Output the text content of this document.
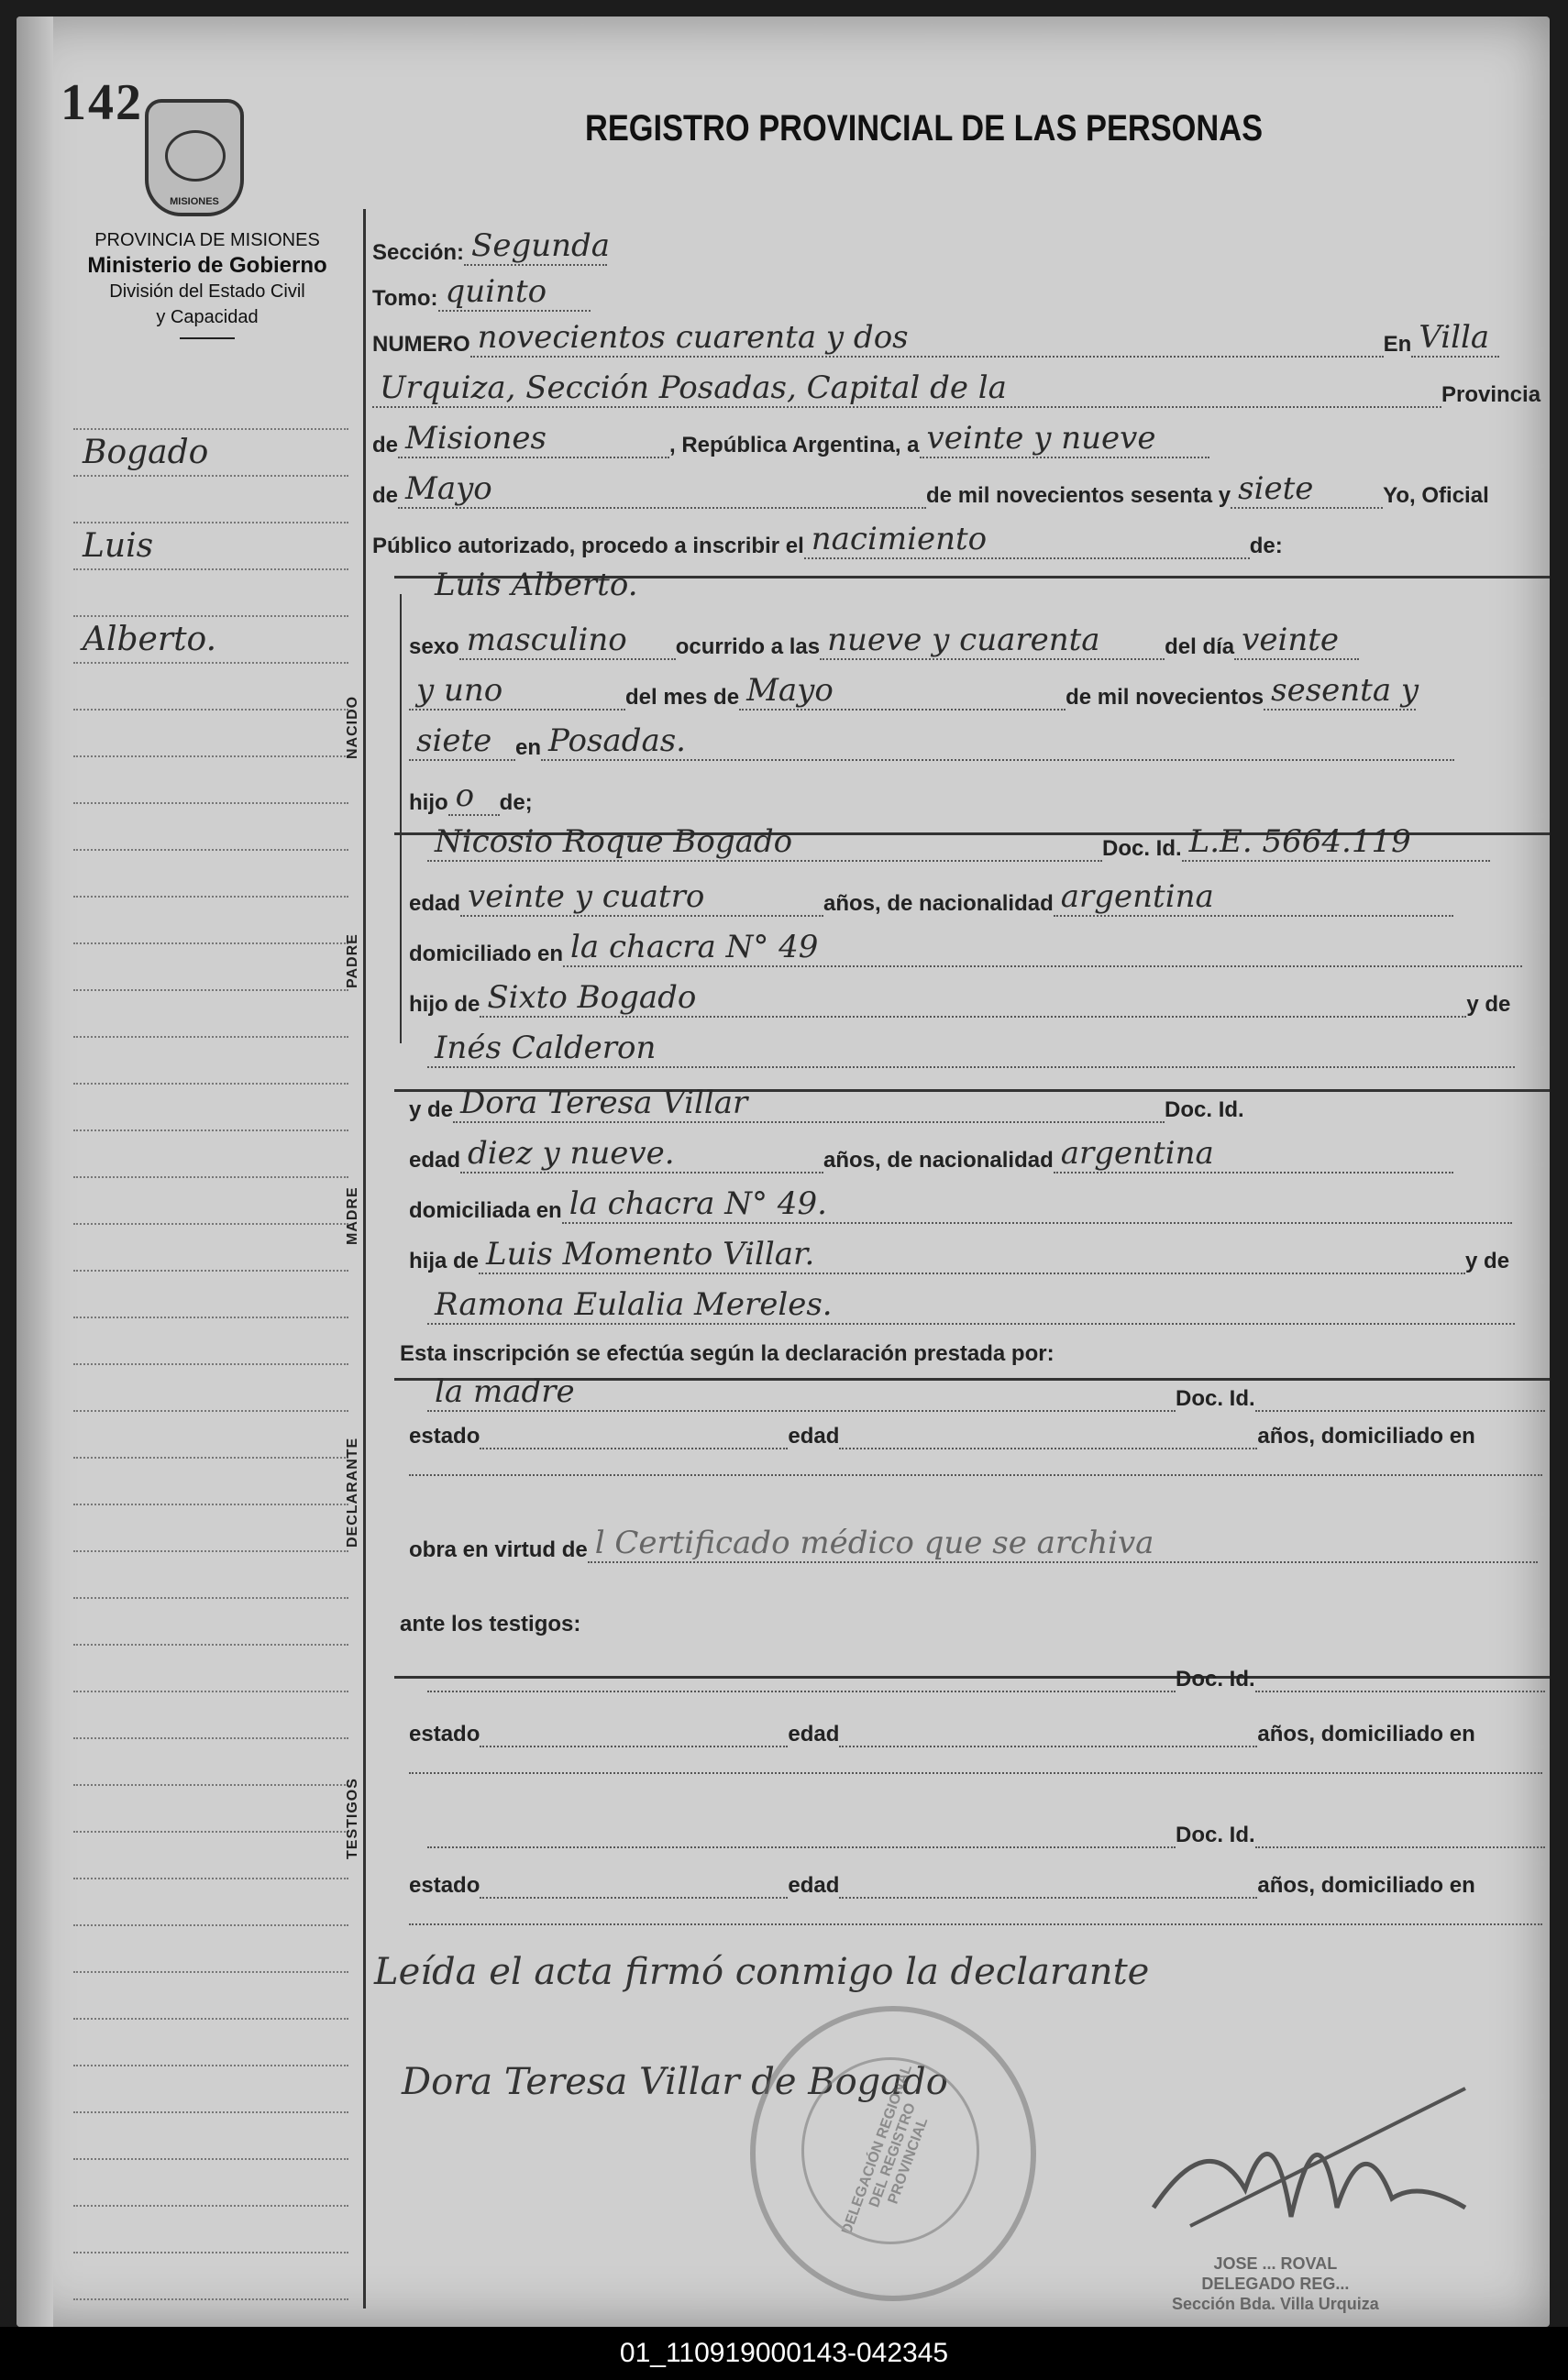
142
MISIONES
REGISTRO PROVINCIAL DE LAS PERSONAS
PROVINCIA DE MISIONES
Ministerio de Gobierno
División del Estado Civil
y Capacidad
Bogado
Luis
Alberto.
Sección: Segunda
Tomo: quinto
NUMERO novecientos cuarenta y dos	En Villa
Urquiza, Sección Posadas, Capital de la	Provincia
de Misiones	, República Argentina, a veinte y nueve
de Mayo	de mil novecientos sesenta y siete	Yo, Oficial
Público autorizado, procedo a inscribir el nacimiento	de:
NACIDO
Luis Alberto.
sexo masculino	ocurrido a las nueve y cuarenta	del día veinte
y uno	del mes de Mayo	de mil novecientos sesenta y
siete	en Posadas.
hijo o	de;
PADRE
Nicosio Roque Bogado	Doc. Id. L.E. 5664.119
edad veinte y cuatro	años, de nacionalidad argentina
domiciliado en la chacra N° 49
hijo de Sixto Bogado	y de
Inés Calderon
MADRE
y de Dora Teresa Villar	Doc. Id.
edad diez y nueve.	años, de nacionalidad argentina
domiciliada en la chacra N° 49.
hija de Luis Momento Villar.	y de
Ramona Eulalia Mereles.
Esta inscripción se efectúa según la declaración prestada por:
DECLARANTE
la madre	Doc. Id.
estado	edad	años, domiciliado en
obra en virtud de l Certificado médico que se archiva
ante los testigos:
TESTIGOS
Doc. Id.
estado	edad	años, domiciliado en
Doc. Id.
estado	edad	años, domiciliado en
Leída el acta firmó conmigo la declarante
Dora Teresa Villar de Bogado
DELEGACIÓN REGIONAL DEL REGISTRO PROVINCIAL
JOSE ... ROVAL
DELEGADO REG...
Sección Bda. Villa Urquiza
01_110919000143-042345
